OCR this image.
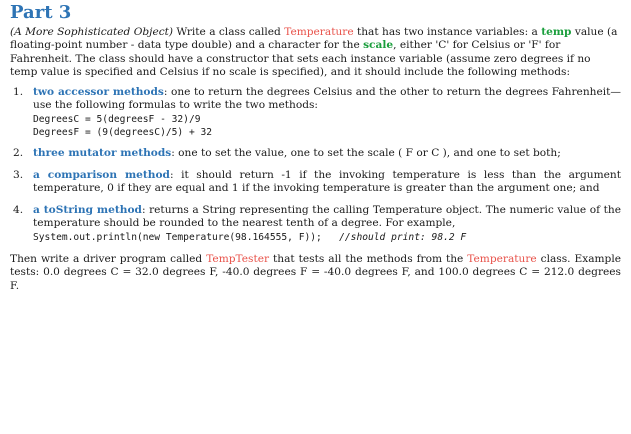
Part 3

(A More Sophisticated Object) Write a class called Temperature that has two instance variables: a temp value (a floating-point number - data type double) and a character for the scale, either 'C' for Celsius or 'F' for Fahrenheit. The class should have a constructor that sets each instance variable (assume zero degrees if no temp value is specified and Celsius if no scale is specified), and it should include the following methods:

1. two accessor methods: one to return the degrees Celsius and the other to return the degrees Fahrenheit— use the following formulas to write the two methods:
DegreesC = 5(degreesF - 32)/9
DegreesF = (9(degreesC)/5) + 32
2. three mutator methods: one to set the value, one to set the scale ( F or C ), and one to set both;
3. a comparison method: it should return -1 if the invoking temperature is less than the argument temperature, 0 if they are equal and 1 if the invoking temperature is greater than the argument one; and
4. a toString method: returns a String representing the calling Temperature object. The numeric value of the temperature should be rounded to the nearest tenth of a degree. For example,
System.out.println(new Temperature(98.164555, F)); //should print: 98.2 F

Then write a driver program called TempTester that tests all the methods from the Temperature class. Example tests: 0.0 degrees C = 32.0 degrees F, -40.0 degrees F = -40.0 degrees F, and 100.0 degrees C = 212.0 degrees F.
